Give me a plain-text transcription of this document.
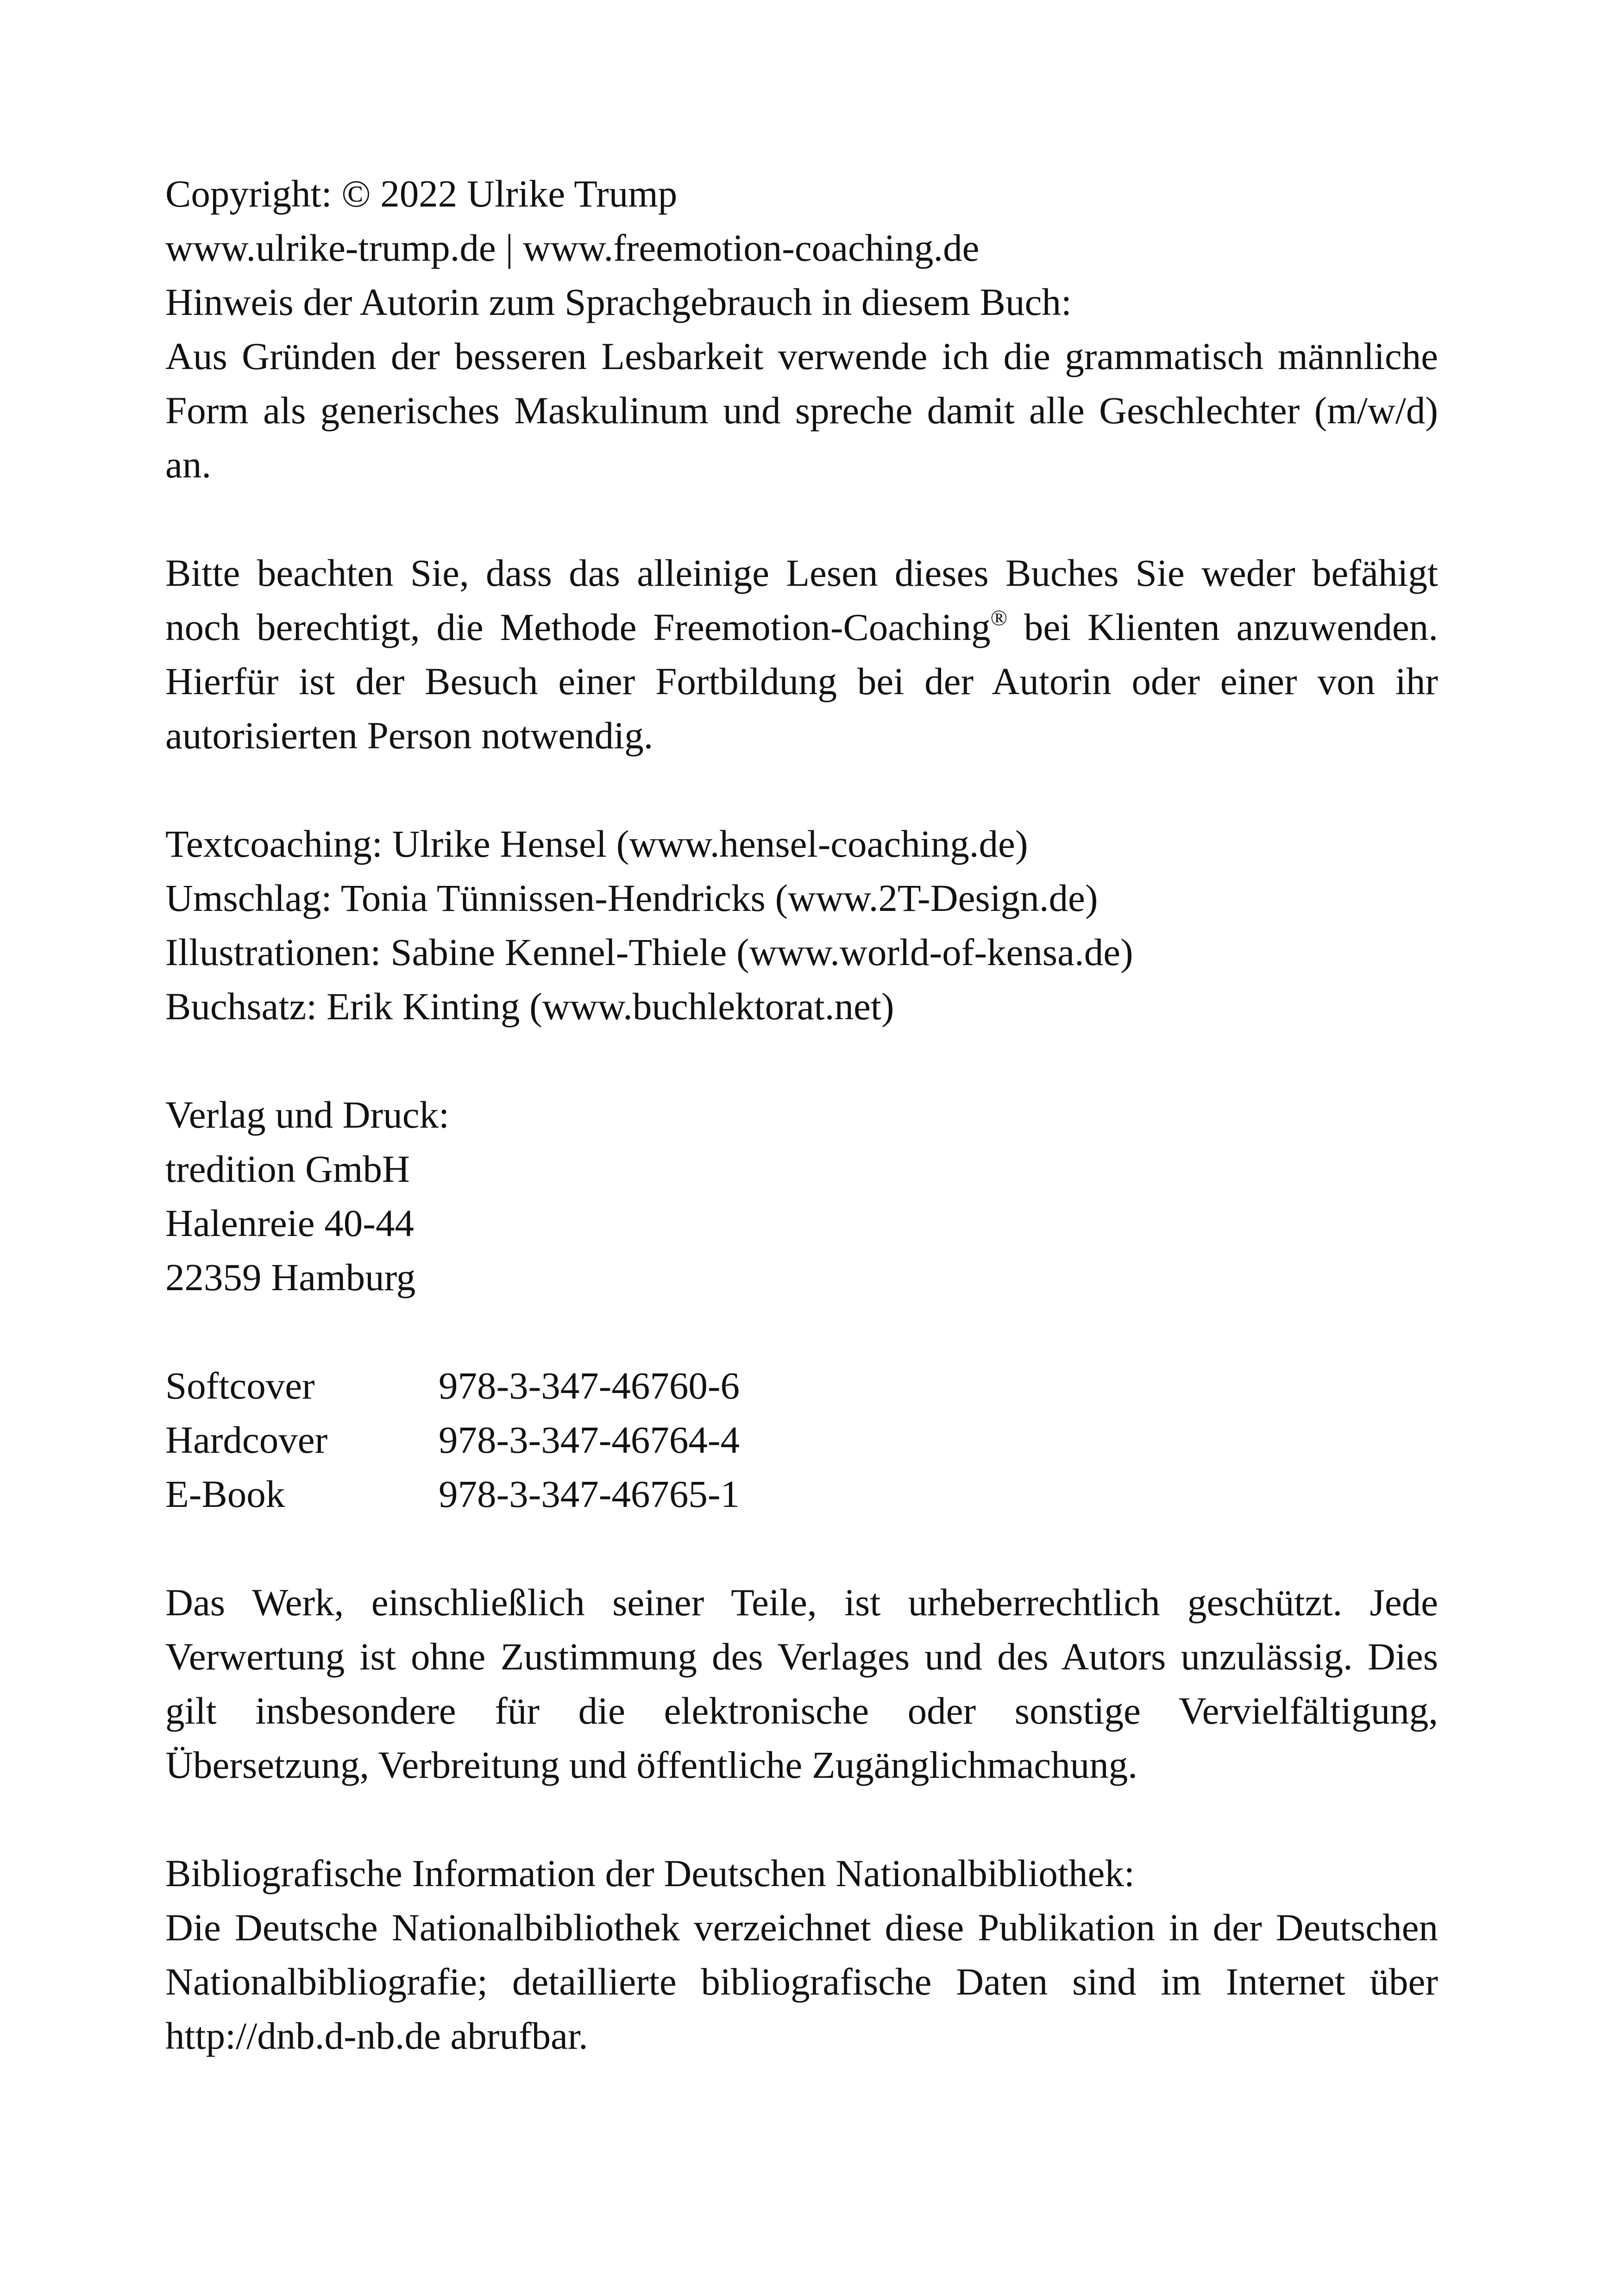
Copyright: © 2022 Ulrike Trump
www.ulrike-trump.de | www.freemotion-coaching.de
Hinweis der Autorin zum Sprachgebrauch in diesem Buch:

Aus Gründen der besseren Lesbarkeit verwende ich die grammatisch männliche Form als generisches Maskulinum und spreche damit alle Geschlechter (m/w/d) an.

Bitte beachten Sie, dass das alleinige Lesen dieses Buches Sie weder befähigt noch berechtigt, die Methode Freemotion-Coaching® bei Klienten anzuwenden. Hierfür ist der Besuch einer Fortbildung bei der Autorin oder einer von ihr autorisierten Person notwendig.

Textcoaching: Ulrike Hensel (www.hensel-coaching.de)
Umschlag: Tonia Tünnissen-Hendricks (www.2T-Design.de)
Illustrationen: Sabine Kennel-Thiele (www.world-of-kensa.de)
Buchsatz: Erik Kinting (www.buchlektorat.net)
Verlag und Druck:
tredition GmbH
Halenreie 40-44
22359 Hamburg
Softcover	978-3-347-46760-6
Hardcover	978-3-347-46764-4
E-Book	978-3-347-46765-1

Das Werk, einschließlich seiner Teile, ist urheberrechtlich geschützt. Jede Verwertung ist ohne Zustimmung des Verlages und des Autors unzulässig. Dies gilt insbesondere für die elektronische oder sonstige Vervielfältigung, Übersetzung, Verbreitung und öffentliche Zugänglichmachung.

Bibliografische Information der Deutschen Nationalbibliothek:

Die Deutsche Nationalbibliothek verzeichnet diese Publikation in der Deutschen Nationalbibliografie; detaillierte bibliografische Daten sind im Internet über http://dnb.d-nb.de abrufbar.
